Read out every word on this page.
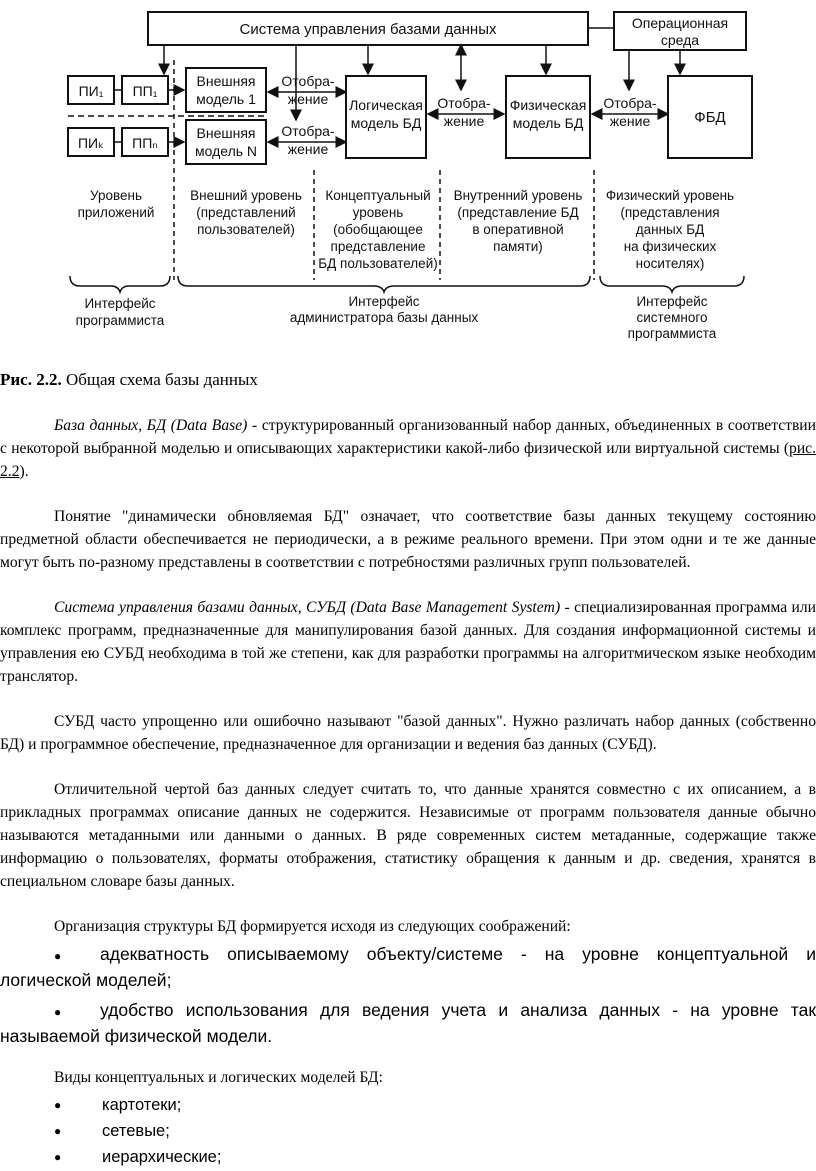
Система управления базами данных	Операционная
среда
ПИ₁ ПП₁
ПИₖ ППₙ
Внешняя
модель 1
Внешняя
модель N
Отобра-
жение
Отобра-
жение
Логическая
модель БД
Отобра-
жение
Физическая
модель БД
Отобра-
жение	ФБД
Уровень
приложений
Внешний уровень
(представлений
пользователей)
Концептуальный
уровень
(обобщающее
представление
БД пользователей)
Внутренний уровень
(представление БД
в оперативной
памяти)
Физический уровень
(представления
данных БД
на физических
носителях)
Интерфейс
программиста
Интерфейс
администратора базы данных
Интерфейс
системного
программиста
Рис. 2.2. Общая схема базы данных

База данных, БД (Data Base) - структурированный организованный набор данных, объединенных в соответствии с некоторой выбранной моделью и описывающих характеристики какой-либо физической или виртуальной системы (рис. 2.2).

Понятие "динамически обновляемая БД" означает, что соответствие базы данных текущему состоянию предметной области обеспечивается не периодически, а в режиме реального времени. При этом одни и те же данные могут быть по-разному представлены в соответствии с потребностями различных групп пользователей.

Система управления базами данных, СУБД (Data Base Management System) - специализированная программа или комплекс программ, предназначенные для манипулирования базой данных. Для создания информационной системы и управления ею СУБД необходима в той же степени, как для разработки программы на алгоритмическом языке необходим транслятор.

СУБД часто упрощенно или ошибочно называют "базой данных". Нужно различать набор данных (собственно БД) и программное обеспечение, предназначенное для организации и ведения баз данных (СУБД).

Отличительной чертой баз данных следует считать то, что данные хранятся совместно с их описанием, а в прикладных программах описание данных не содержится. Независимые от программ пользователя данные обычно называются метаданными или данными о данных. В ряде современных систем метаданные, содержащие также информацию о пользователях, форматы отображения, статистику обращения к данным и др. сведения, хранятся в специальном словаре базы данных.

Организация структуры БД формируется исходя из следующих соображений:

● адекватность описываемому объекту/системе - на уровне концептуальной и логической моделей;
● удобство использования для ведения учета и анализа данных - на уровне так называемой физической модели.

Виды концептуальных и логических моделей БД:

● картотеки;
● сетевые;
● иерархические;
